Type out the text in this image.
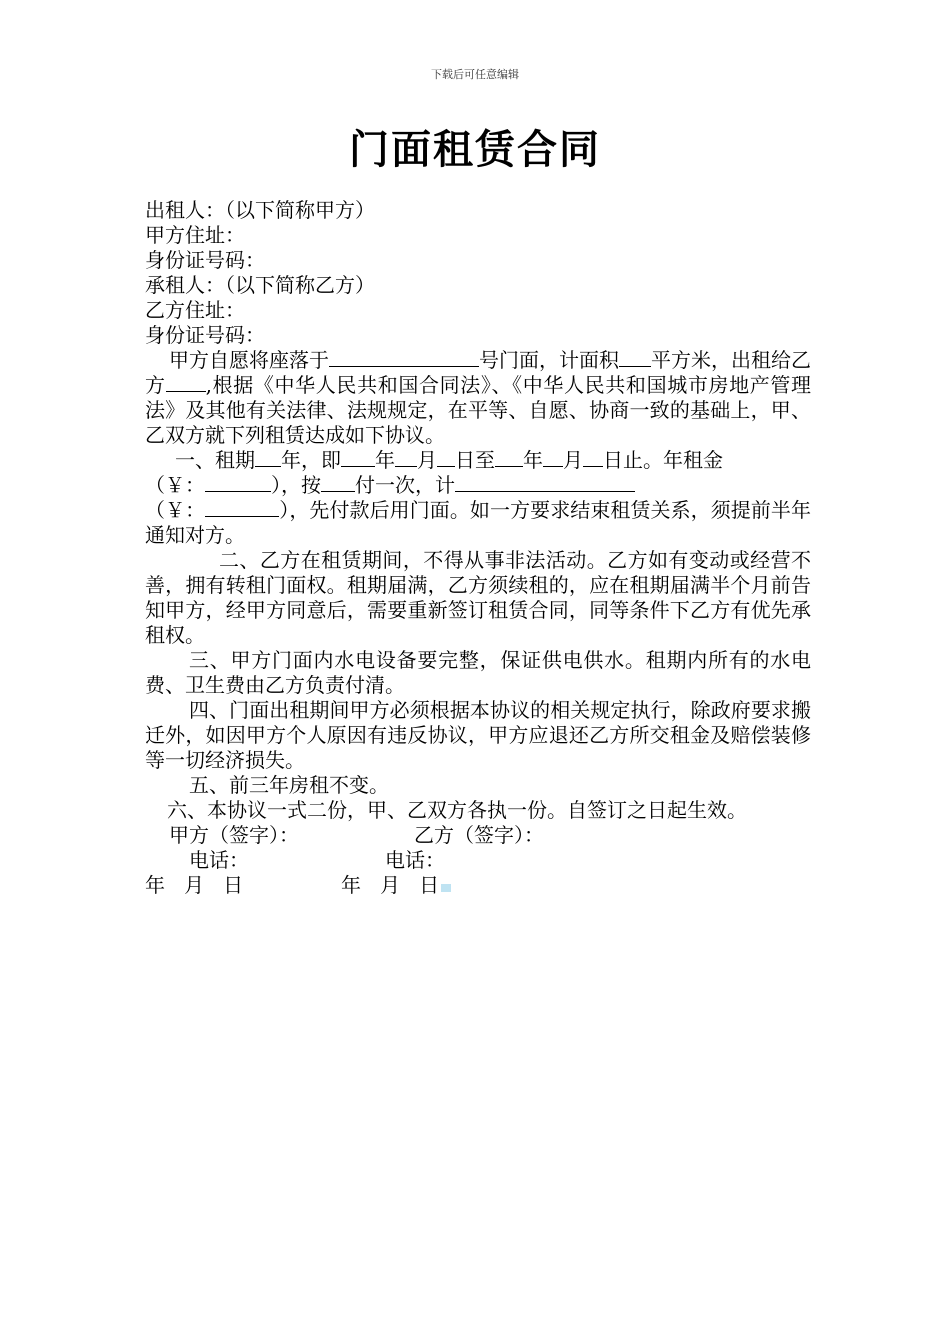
下载后可任意编辑
门面租赁合同
出租人：（以下简称甲方）
甲方住址：
身份证号码：
承租人：（以下简称乙方）
乙方住址：
身份证号码：
甲方自愿将座落于	号门面，计面积 平方米，出租给乙方 ,根据《中华人民共和国合同法》、《中华人民共和国城市房地产管理法》及其他有关法律、法规规定，在平等、自愿、协商一致的基础上，甲、乙双方就下列租赁达成如下协议。
一、租期 年，即 年 月 日至 年 月 日止。年租金
（￥：	），按 付一次，计
（￥：	），先付款后用门面。如一方要求结束租赁关系，须提前半年通知对方。
二、乙方在租赁期间，不得从事非法活动。乙方如有变动或经营不善，拥有转租门面权。租期届满，乙方须续租的，应在租期届满半个月前告知甲方，经甲方同意后，需要重新签订租赁合同，同等条件下乙方有优先承租权。
三、甲方门面内水电设备要完整，保证供电供水。租期内所有的水电费、卫生费由乙方负责付清。
四、门面出租期间甲方必须根据本协议的相关规定执行，除政府要求搬迁外，如因甲方个人原因有违反协议，甲方应退还乙方所交租金及赔偿装修等一切经济损失。
五、前三年房租不变。
六、本协议一式二份，甲、乙双方各执一份。自签订之日起生效。
甲方（签字）：	乙方（签字）：
电话：	电话：
年   月   日	年   月   日
